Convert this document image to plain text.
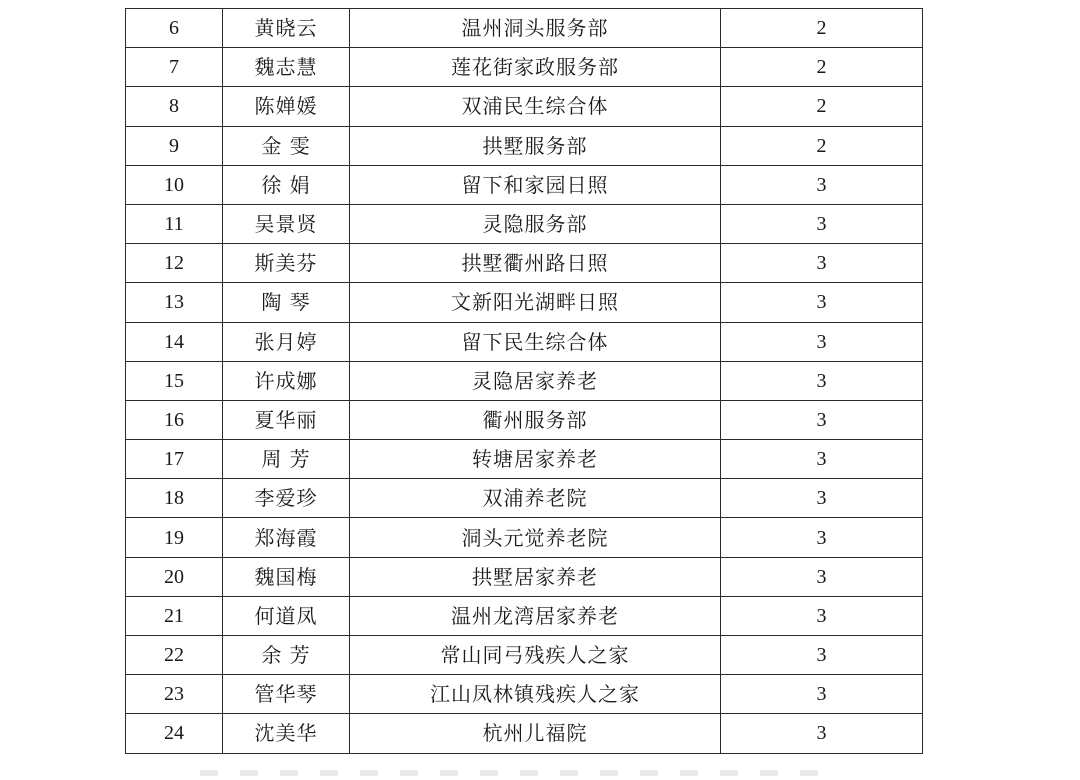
6	黄晓云	温州洞头服务部	2
7	魏志慧	莲花街家政服务部	2
8	陈婵媛	双浦民生综合体	2
9	金 雯	拱墅服务部	2
10	徐 娟	留下和家园日照	3
11	吴景贤	灵隐服务部	3
12	斯美芬	拱墅衢州路日照	3
13	陶 琴	文新阳光湖畔日照	3
14	张月婷	留下民生综合体	3
15	许成娜	灵隐居家养老	3
16	夏华丽	衢州服务部	3
17	周 芳	转塘居家养老	3
18	李爱珍	双浦养老院	3
19	郑海霞	洞头元觉养老院	3
20	魏国梅	拱墅居家养老	3
21	何道凤	温州龙湾居家养老	3
22	余 芳	常山同弓残疾人之家	3
23	管华琴	江山凤林镇残疾人之家	3
24	沈美华	杭州儿福院	3
